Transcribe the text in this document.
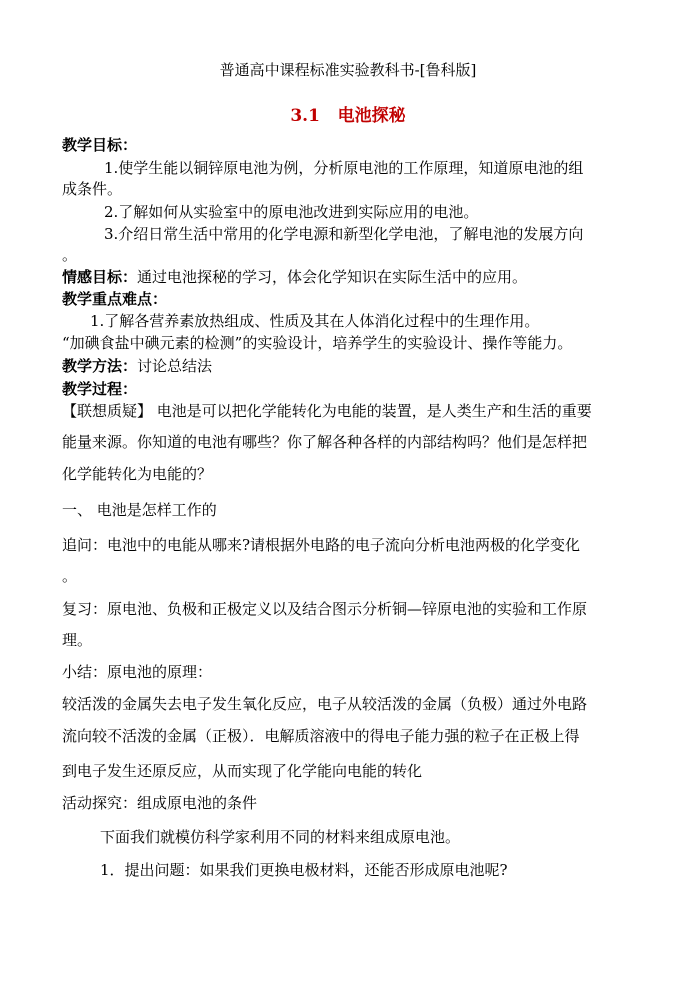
普通高中课程标准实验教科书-[鲁科版]
3.1 电池探秘
教学目标：
1.使学生能以铜锌原电池为例，分析原电池的工作原理，知道原电池的组
成条件。
2.了解如何从实验室中的原电池改进到实际应用的电池。
3.介绍日常生活中常用的化学电源和新型化学电池，了解电池的发展方向
。
情感目标：通过电池探秘的学习，体会化学知识在实际生活中的应用。
教学重点难点：
1.了解各营养素放热组成、性质及其在人体消化过程中的生理作用。
“加碘食盐中碘元素的检测”的实验设计，培养学生的实验设计、操作等能力。
教学方法：讨论总结法
教学过程：
【联想质疑】 电池是可以把化学能转化为电能的装置，是人类生产和生活的重要
能量来源。你知道的电池有哪些？你了解各种各样的内部结构吗？他们是怎样把
化学能转化为电能的？
一、 电池是怎样工作的
追问：电池中的电能从哪来?请根据外电路的电子流向分析电池两极的化学变化
。
复习：原电池、负极和正极定义以及结合图示分析铜—锌原电池的实验和工作原
理。
小结：原电池的原理：
较活泼的金属失去电子发生氧化反应，电子从较活泼的金属（负极）通过外电路
流向较不活泼的金属（正极）．电解质溶液中的得电子能力强的粒子在正极上得
到电子发生还原反应，从而实现了化学能向电能的转化
活动探究：组成原电池的条件
下面我们就模仿科学家利用不同的材料来组成原电池。
1．提出问题：如果我们更换电极材料，还能否形成原电池呢?
